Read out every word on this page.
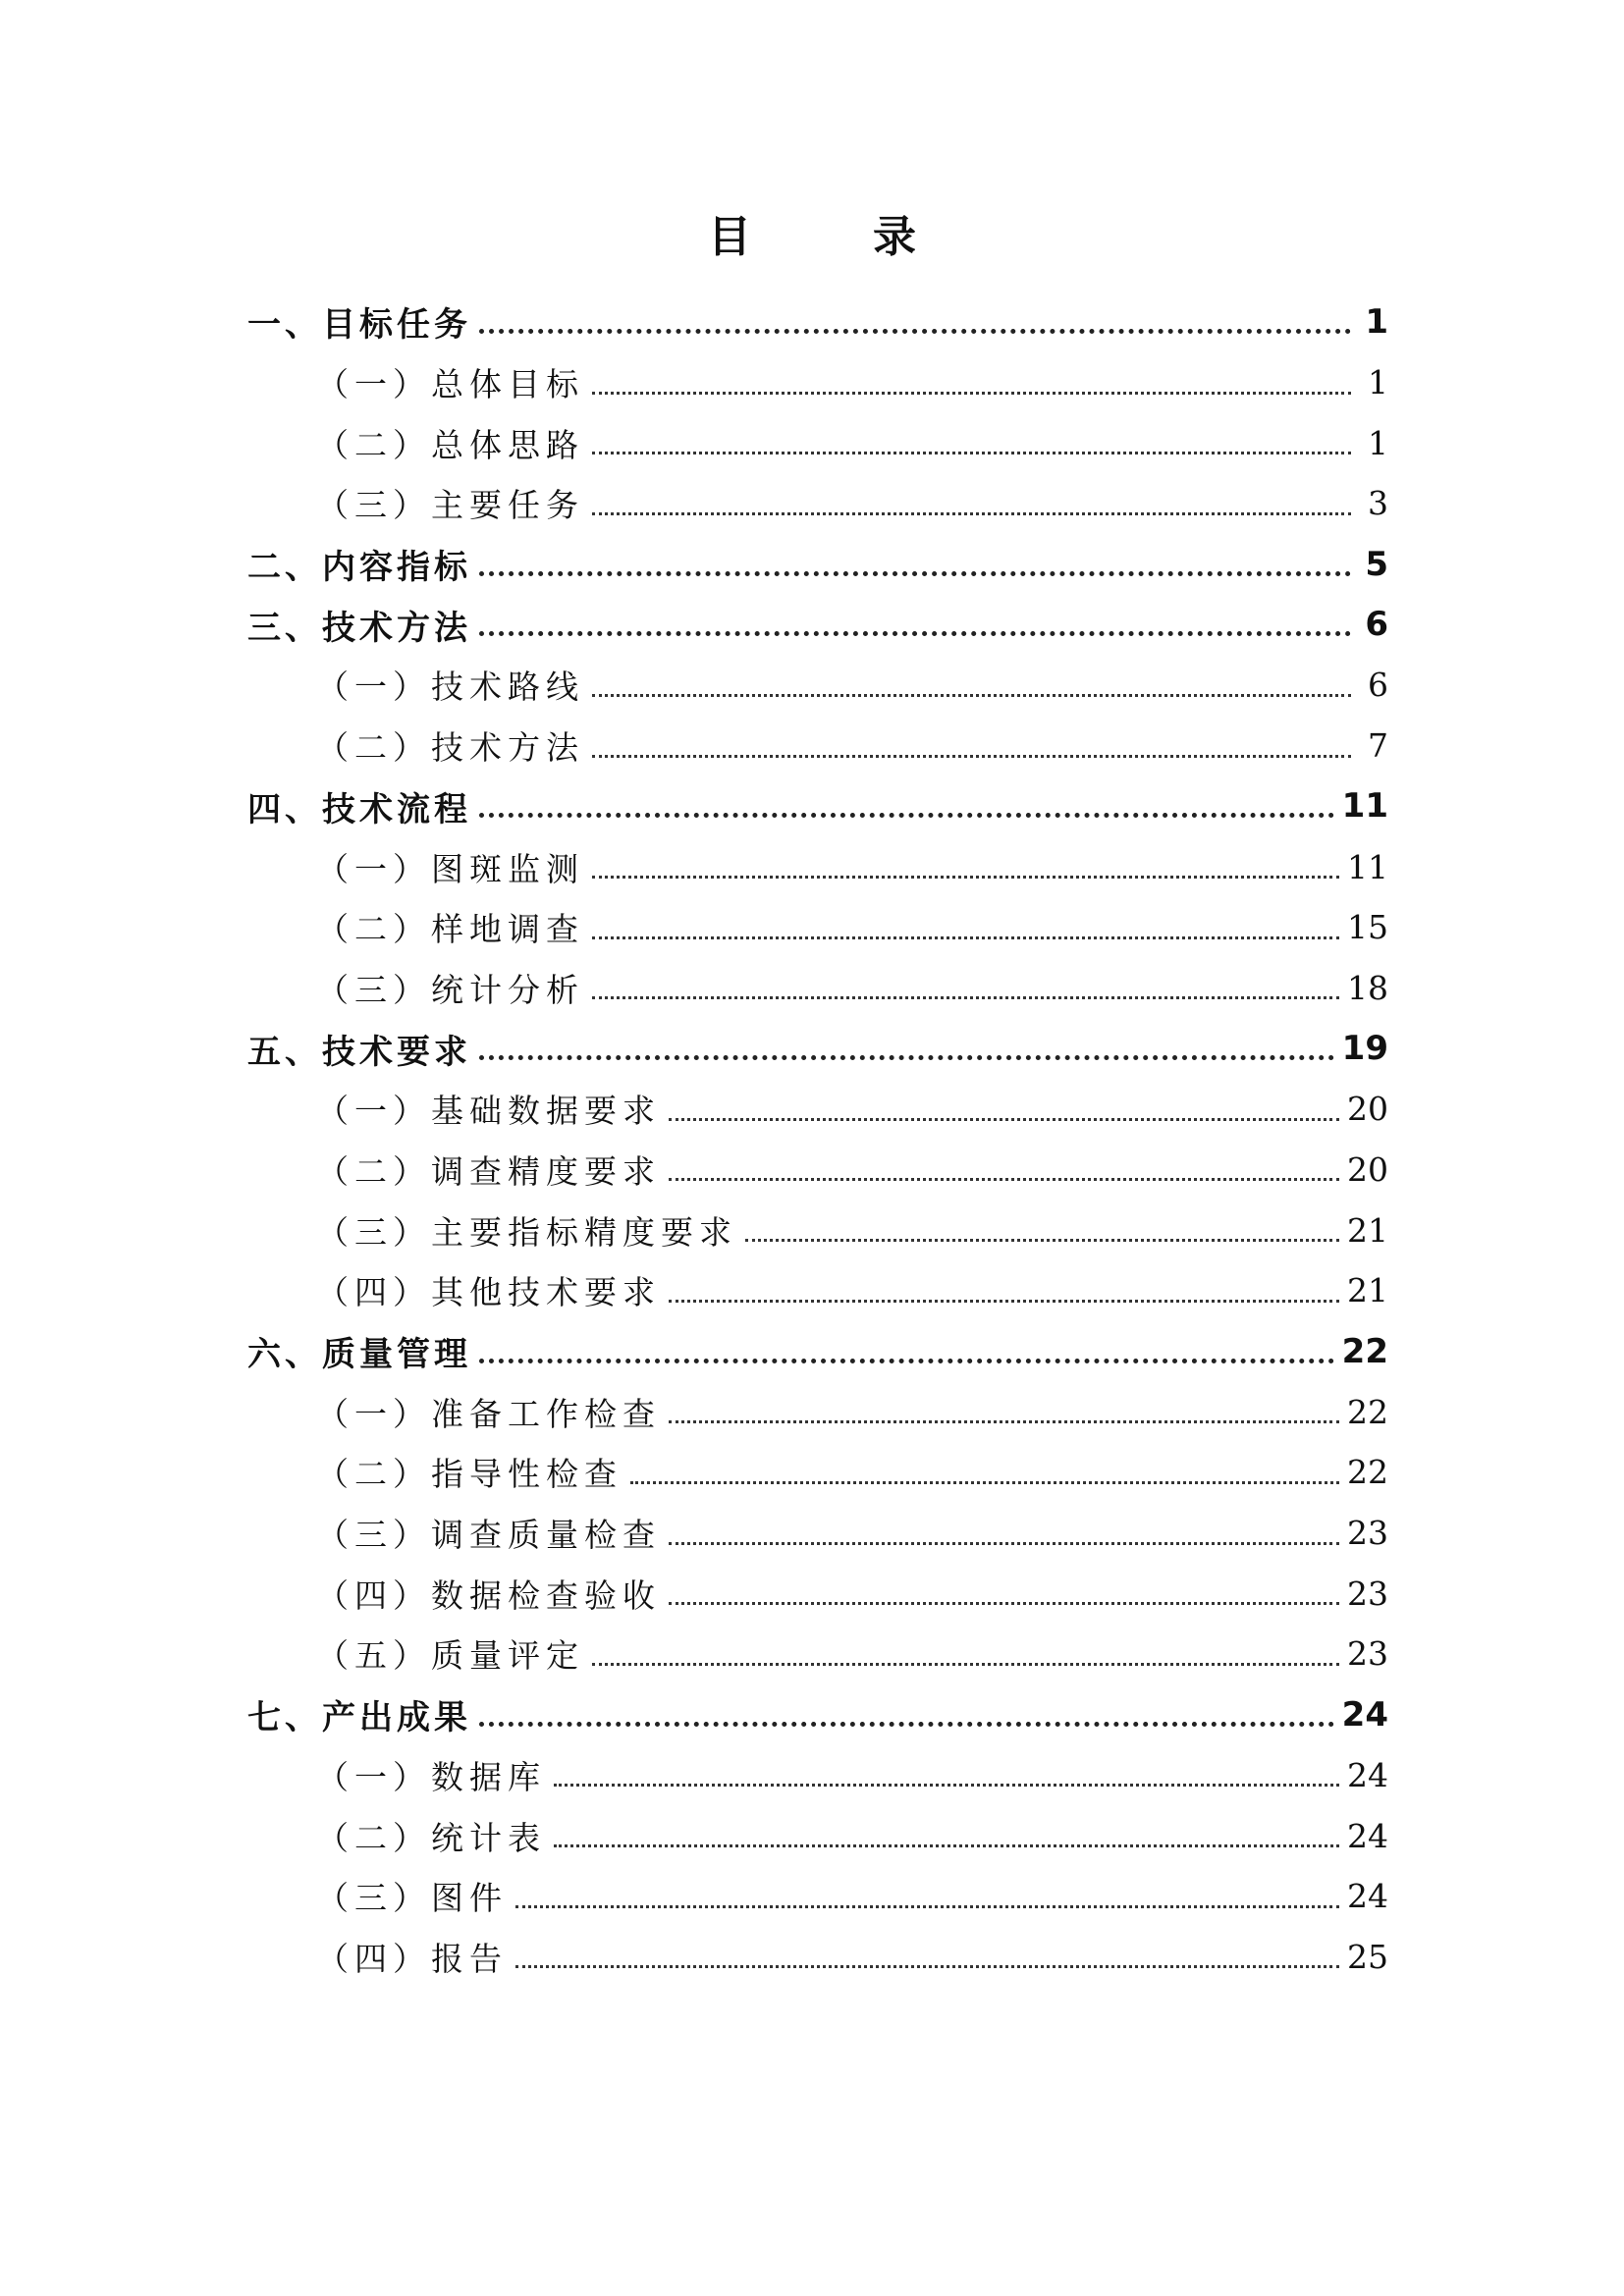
目　录
一、目标任务	1
（一）总体目标	1
（二）总体思路	1
（三）主要任务	3
二、内容指标	5
三、技术方法	6
（一）技术路线	6
（二）技术方法	7
四、技术流程	11
（一）图斑监测	11
（二）样地调查	15
（三）统计分析	18
五、技术要求	19
（一）基础数据要求	20
（二）调查精度要求	20
（三）主要指标精度要求	21
（四）其他技术要求	21
六、质量管理	22
（一）准备工作检查	22
（二）指导性检查	22
（三）调查质量检查	23
（四）数据检查验收	23
（五）质量评定	23
七、产出成果	24
（一）数据库	24
（二）统计表	24
（三）图件	24
（四）报告	25
